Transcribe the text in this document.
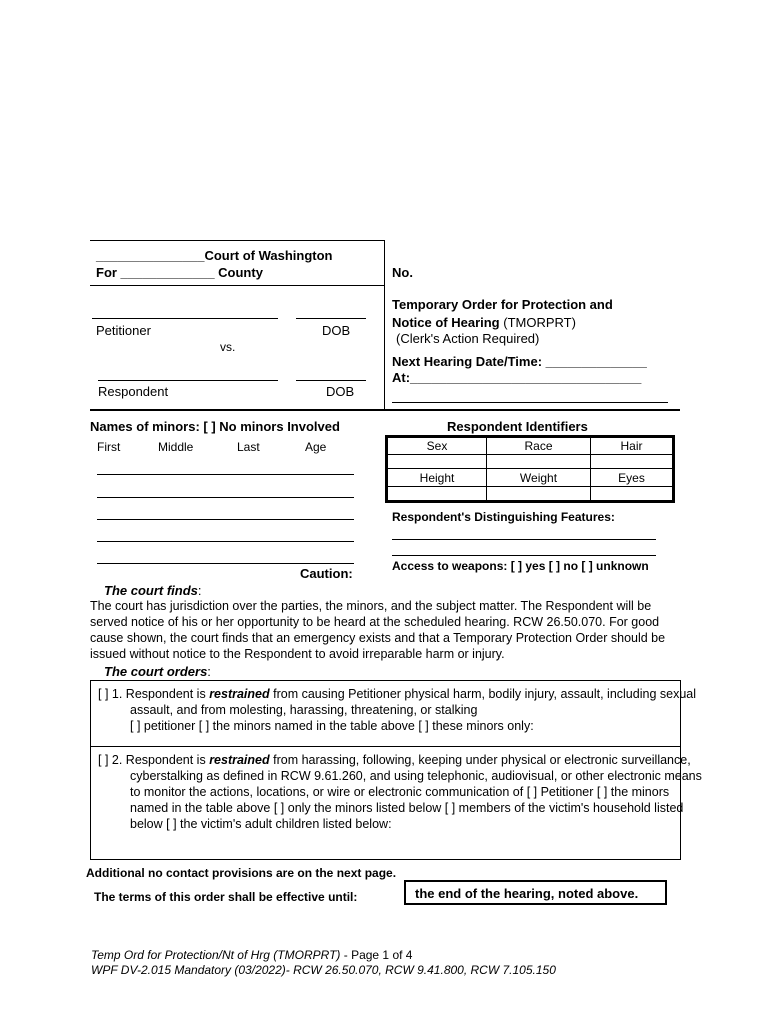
_______________Court of Washington
For _____________ County
Petitioner	DOB
vs.
Respondent	DOB
No.
Temporary Order for Protection and
Notice of Hearing (TMORPRT)
(Clerk's Action Required)
Next Hearing Date/Time: ______________
At:________________________________
Names of minors: [ ] No minors Involved
First	Middle	Last	Age
Caution:
Respondent Identifiers
Sex	Race	Hair

Height	Weight	Eyes

Respondent's Distinguishing Features:
Access to weapons: [ ] yes [ ] no [ ] unknown
The court finds:
The court has jurisdiction over the parties, the minors, and the subject matter. The Respondent will be served notice of his or her opportunity to be heard at the scheduled hearing. RCW 26.50.070. For good cause shown, the court finds that an emergency exists and that a Temporary Protection Order should be issued without notice to the Respondent to avoid irreparable harm or injury.
The court orders:
[ ] 1. Respondent is restrained from causing Petitioner physical harm, bodily injury, assault, including sexual assault, and from molesting, harassing, threatening, or stalking
[ ] petitioner [ ] the minors named in the table above [ ] these minors only:
[ ] 2. Respondent is restrained from harassing, following, keeping under physical or electronic surveillance, cyberstalking as defined in RCW 9.61.260, and using telephonic, audiovisual, or other electronic means to monitor the actions, locations, or wire or electronic communication of [ ] Petitioner [ ] the minors named in the table above [ ] only the minors listed below [ ] members of the victim's household listed below [ ] the victim's adult children listed below:
Additional no contact provisions are on the next page.
The terms of this order shall be effective until:	the end of the hearing, noted above.
Temp Ord for Protection/Nt of Hrg (TMORPRT) - Page 1 of 4
WPF DV-2.015 Mandatory (03/2022)- RCW 26.50.070, RCW 9.41.800, RCW 7.105.150
